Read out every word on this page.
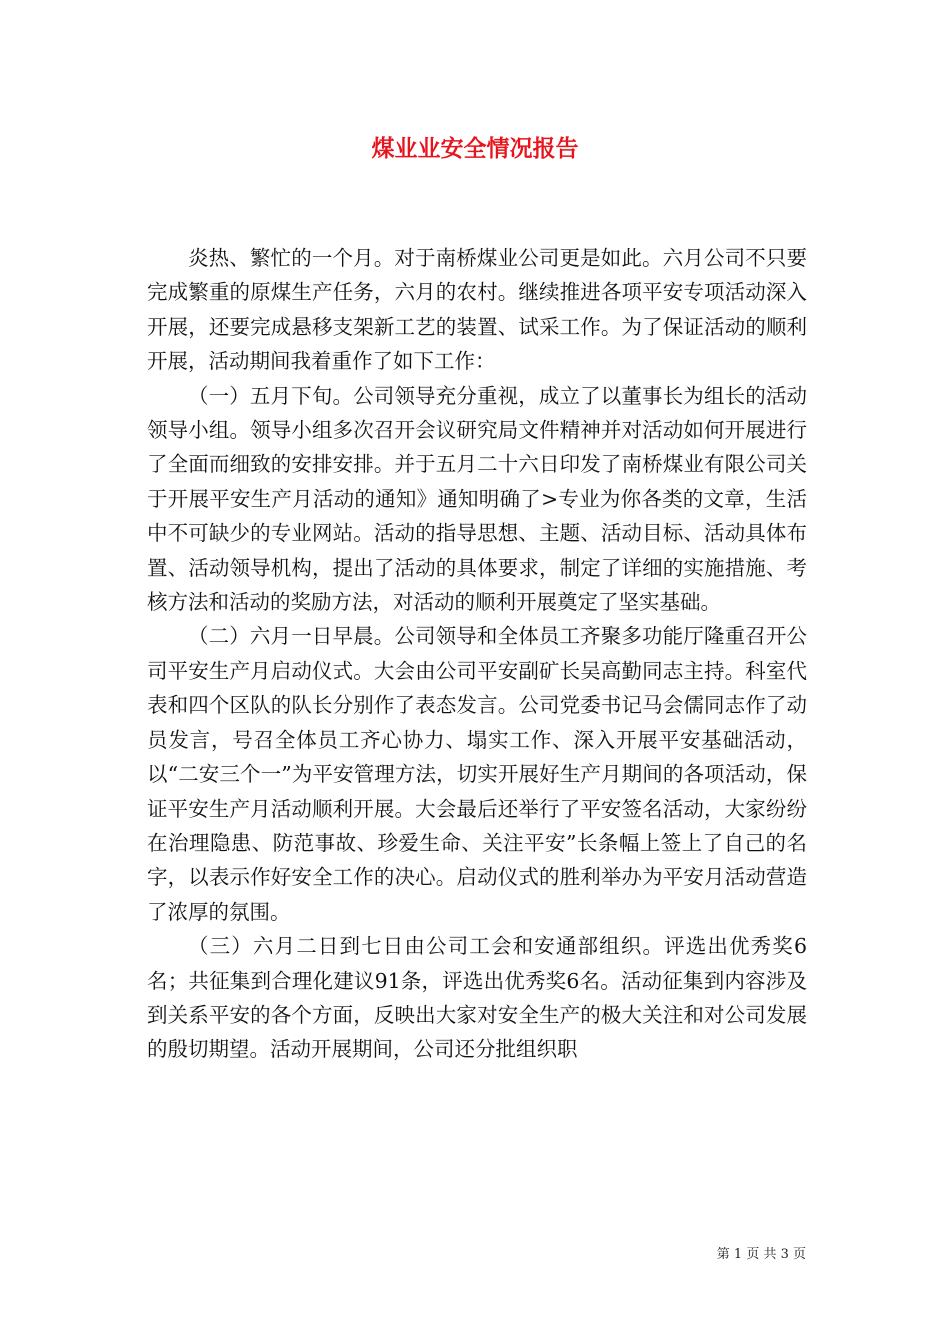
煤业业安全情况报告

炎热、繁忙的一个月。对于南桥煤业公司更是如此。六月公司不只要完成繁重的原煤生产任务，六月的农村。继续推进各项平安专项活动深入开展，还要完成悬移支架新工艺的装置、试采工作。为了保证活动的顺利开展，活动期间我着重作了如下工作：

（一）五月下旬。公司领导充分重视，成立了以董事长为组长的活动领导小组。领导小组多次召开会议研究局文件精神并对活动如何开展进行了全面而细致的安排安排。并于五月二十六日印发了南桥煤业有限公司关于开展平安生产月活动的通知》通知明确了>专业为你各类的文章，生活中不可缺少的专业网站。活动的指导思想、主题、活动目标、活动具体布置、活动领导机构，提出了活动的具体要求，制定了详细的实施措施、考核方法和活动的奖励方法，对活动的顺利开展奠定了坚实基础。

（二）六月一日早晨。公司领导和全体员工齐聚多功能厅隆重召开公司平安生产月启动仪式。大会由公司平安副矿长吴高勤同志主持。科室代表和四个区队的队长分别作了表态发言。公司党委书记马会儒同志作了动员发言，号召全体员工齐心协力、塌实工作、深入开展平安基础活动，以“二安三个一”为平安管理方法，切实开展好生产月期间的各项活动，保证平安生产月活动顺利开展。大会最后还举行了平安签名活动，大家纷纷在治理隐患、防范事故、珍爱生命、关注平安”长条幅上签上了自己的名字，以表示作好安全工作的决心。启动仪式的胜利举办为平安月活动营造了浓厚的氛围。

（三）六月二日到七日由公司工会和安通部组织。评选出优秀奖6名；共征集到合理化建议91条，评选出优秀奖6名。活动征集到内容涉及到关系平安的各个方面，反映出大家对安全生产的极大关注和对公司发展的殷切期望。活动开展期间，公司还分批组织职

第 1 页 共 3 页
